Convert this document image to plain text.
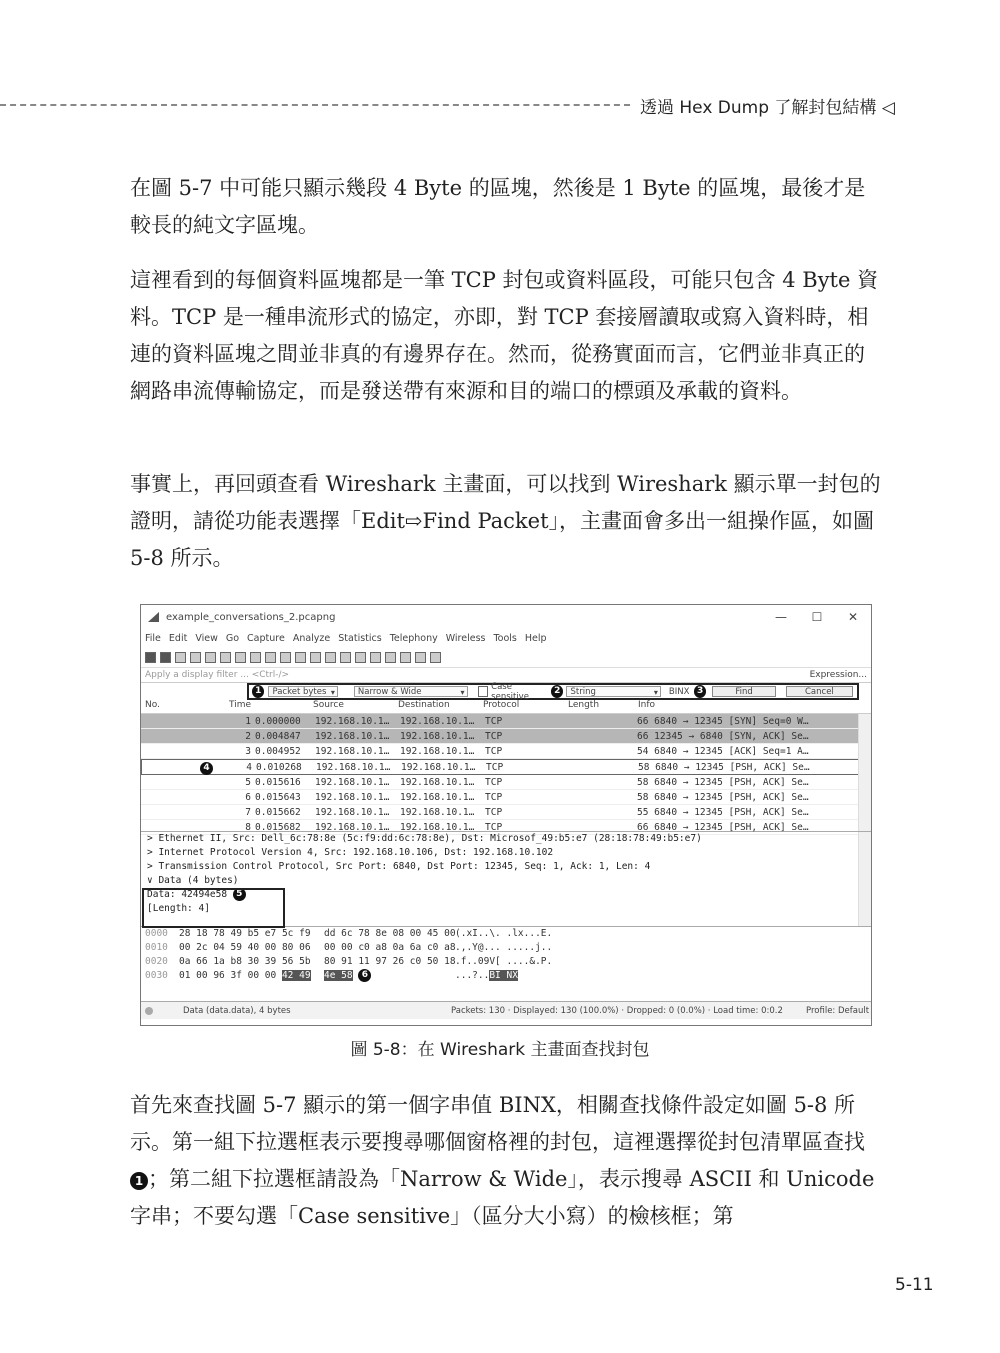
透過 Hex Dump 了解封包結構 ◁

在圖 5-7 中可能只顯示幾段 4 Byte 的區塊，然後是 1 Byte 的區塊，最後才是較長的純文字區塊。

這裡看到的每個資料區塊都是一筆 TCP 封包或資料區段，可能只包含 4 Byte 資料。TCP 是一種串流形式的協定，亦即，對 TCP 套接層讀取或寫入資料時，相連的資料區塊之間並非真的有邊界存在。然而，從務實面而言，它們並非真正的網路串流傳輸協定，而是發送帶有來源和目的端口的標頭及承載的資料。

事實上，再回頭查看 Wireshark 主畫面，可以找到 Wireshark 顯示單一封包的證明，請從功能表選擇「Edit⇨Find Packet」，主畫面會多出一組操作區，如圖 5-8 所示。

example_conversations_2.pcapng	—	☐	✕
File Edit View Go Capture Analyze Statistics Telephony Wireless Tools Help
Apply a display filter ... <Ctrl-/>	Expression...
1	Packet bytes ▾	Narrow & Wide ▾
Case sensitive
2	String ▾	BINX 3	Find	Cancel
No.	Time	Source	Destination	Protocol	Length	Info
1 0.000000	192.168.10.1…	192.168.10.1…	TCP	66 6840 → 12345 [SYN] Seq=0 W…
2 0.004847	192.168.10.1…	192.168.10.1…	TCP	66 12345 → 6840 [SYN, ACK] Se…
3 0.004952	192.168.10.1…	192.168.10.1…	TCP	54 6840 → 12345 [ACK] Seq=1 A…
4	4 0.010268	192.168.10.1…	192.168.10.1…	TCP	58 6840 → 12345 [PSH, ACK] Se…
5 0.015616	192.168.10.1…	192.168.10.1…	TCP	58 6840 → 12345 [PSH, ACK] Se…
6 0.015643	192.168.10.1…	192.168.10.1…	TCP	58 6840 → 12345 [PSH, ACK] Se…
7 0.015662	192.168.10.1…	192.168.10.1…	TCP	55 6840 → 12345 [PSH, ACK] Se…
8 0.015682	192.168.10.1…	192.168.10.1…	TCP	66 6840 → 12345 [PSH, ACK] Se…
> Ethernet II, Src: Dell_6c:78:8e (5c:f9:dd:6c:78:8e), Dst: Microsof_49:b5:e7 (28:18:78:49:b5:e7)
> Internet Protocol Version 4, Src: 192.168.10.106, Dst: 192.168.10.102
> Transmission Control Protocol, Src Port: 6840, Dst Port: 12345, Seq: 1, Ack: 1, Len: 4
∨ Data (4 bytes)
Data: 42494e58 5
[Length: 4]
0000	28 18 78 49 b5 e7 5c f9	dd 6c 78 8e 08 00 45 00 (.xI..\. .lx...E.
0010	00 2c 04 59 40 00 80 06	00 00 c0 a8 0a 6a c0 a8 .,.Y@... .....j..
0020	0a 66 1a b8 30 39 56 5b	80 91 11 97 26 c0 50 18 .f..09V[ ....&.P.
0030	01 00 96 3f 00 00 42 49	4e 58 6	...?..BI NX
Data (data.data), 4 bytes	Packets: 130 · Displayed: 130 (100.0%) · Dropped: 0 (0.0%) · Load time: 0:0.2	Profile: Default
圖 5-8：在 Wireshark 主畫面查找封包

首先來查找圖 5-7 顯示的第一個字串值 BINX，相關查找條件設定如圖 5-8 所示。第一組下拉選框表示要搜尋哪個窗格裡的封包，這裡選擇從封包清單區查找1 ；第二組下拉選框請設為「Narrow & Wide」，表示搜尋 ASCII 和 Unicode 字串；不要勾選「Case sensitive」（區分大小寫）的檢核框；第

5-11
